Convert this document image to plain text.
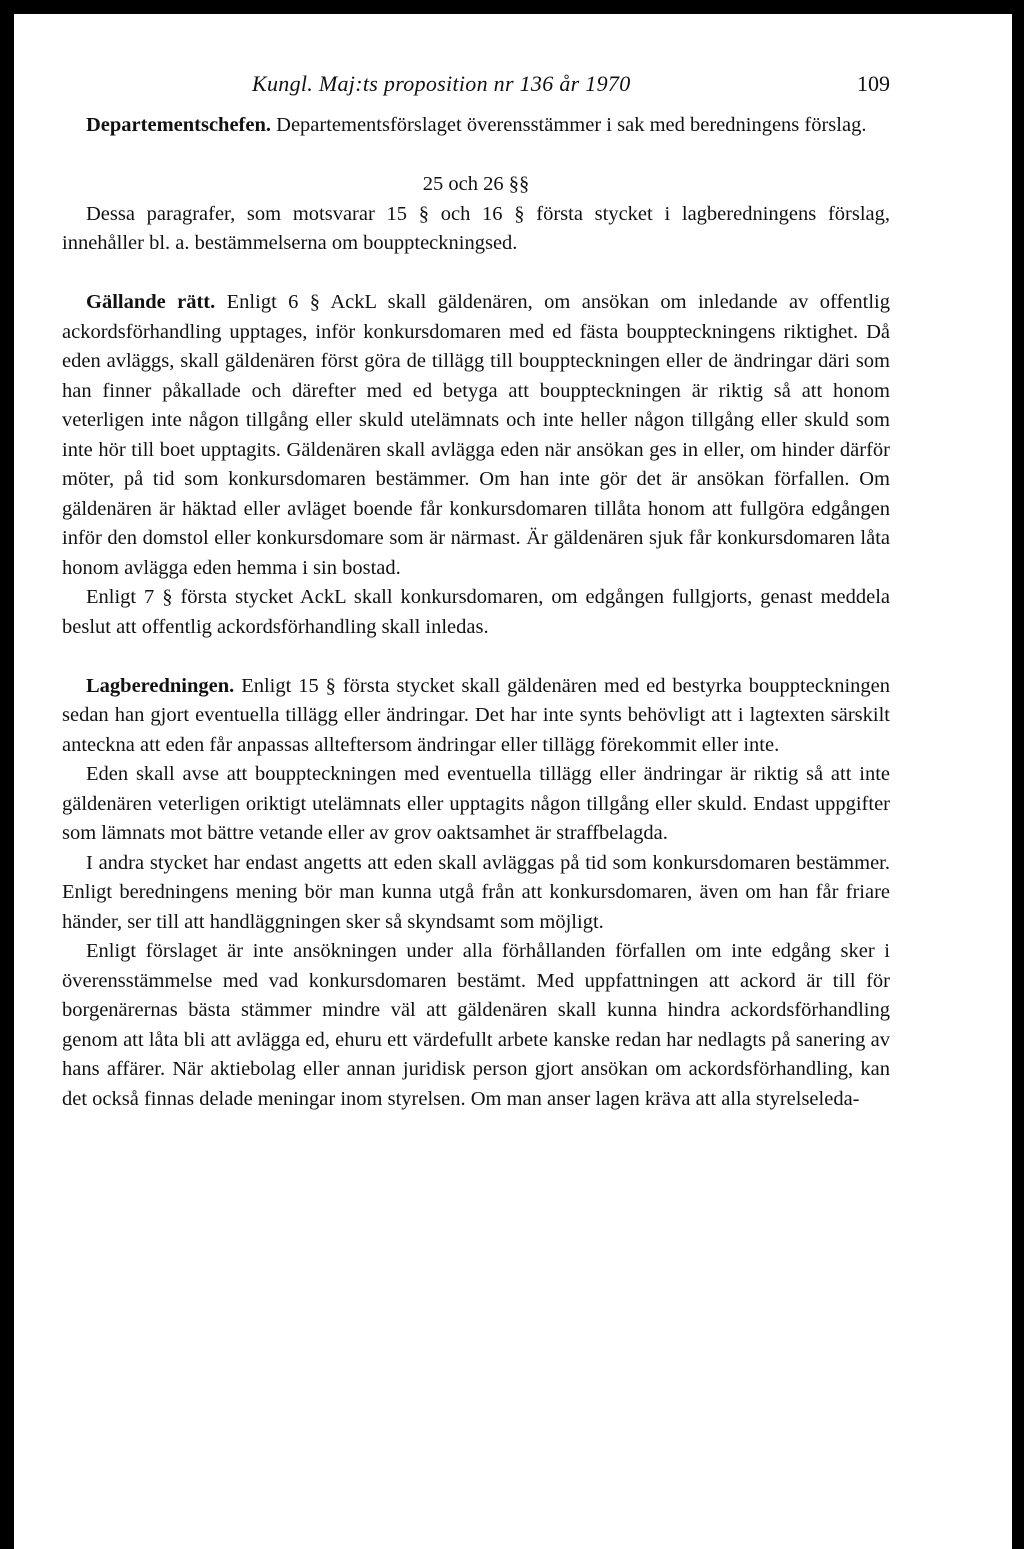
Kungl. Maj:ts proposition nr 136 år 1970	109

Departementschefen. Departementsförslaget överensstämmer i sak med beredningens förslag.

25 och 26 §§

Dessa paragrafer, som motsvarar 15 § och 16 § första stycket i lagberedningens förslag, innehåller bl. a. bestämmelserna om bouppteckningsed.

Gällande rätt. Enligt 6 § AckL skall gäldenären, om ansökan om inledande av offentlig ackordsförhandling upptages, inför konkursdomaren med ed fästa bouppteckningens riktighet. Då eden avläggs, skall gäldenären först göra de tillägg till bouppteckningen eller de ändringar däri som han finner påkallade och därefter med ed betyga att bouppteckningen är riktig så att honom veterligen inte någon tillgång eller skuld utelämnats och inte heller någon tillgång eller skuld som inte hör till boet upptagits. Gäldenären skall avlägga eden när ansökan ges in eller, om hinder därför möter, på tid som konkursdomaren bestämmer. Om han inte gör det är ansökan förfallen. Om gäldenären är häktad eller avläget boende får konkursdomaren tillåta honom att fullgöra edgången inför den domstol eller konkursdomare som är närmast. Är gäldenären sjuk får konkursdomaren låta honom avlägga eden hemma i sin bostad.

Enligt 7 § första stycket AckL skall konkursdomaren, om edgången fullgjorts, genast meddela beslut att offentlig ackordsförhandling skall inledas.

Lagberedningen. Enligt 15 § första stycket skall gäldenären med ed bestyrka bouppteckningen sedan han gjort eventuella tillägg eller ändringar. Det har inte synts behövligt att i lagtexten särskilt anteckna att eden får anpassas allteftersom ändringar eller tillägg förekommit eller inte.

Eden skall avse att bouppteckningen med eventuella tillägg eller ändringar är riktig så att inte gäldenären veterligen oriktigt utelämnats eller upptagits någon tillgång eller skuld. Endast uppgifter som lämnats mot bättre vetande eller av grov oaktsamhet är straffbelagda.

I andra stycket har endast angetts att eden skall avläggas på tid som konkursdomaren bestämmer. Enligt beredningens mening bör man kunna utgå från att konkursdomaren, även om han får friare händer, ser till att handläggningen sker så skyndsamt som möjligt.

Enligt förslaget är inte ansökningen under alla förhållanden förfallen om inte edgång sker i överensstämmelse med vad konkursdomaren bestämt. Med uppfattningen att ackord är till för borgenärernas bästa stämmer mindre väl att gäldenären skall kunna hindra ackordsförhandling genom att låta bli att avlägga ed, ehuru ett värdefullt arbete kanske redan har nedlagts på sanering av hans affärer. När aktiebolag eller annan juridisk person gjort ansökan om ackordsförhandling, kan det också finnas delade meningar inom styrelsen. Om man anser lagen kräva att alla styrelseleda-
